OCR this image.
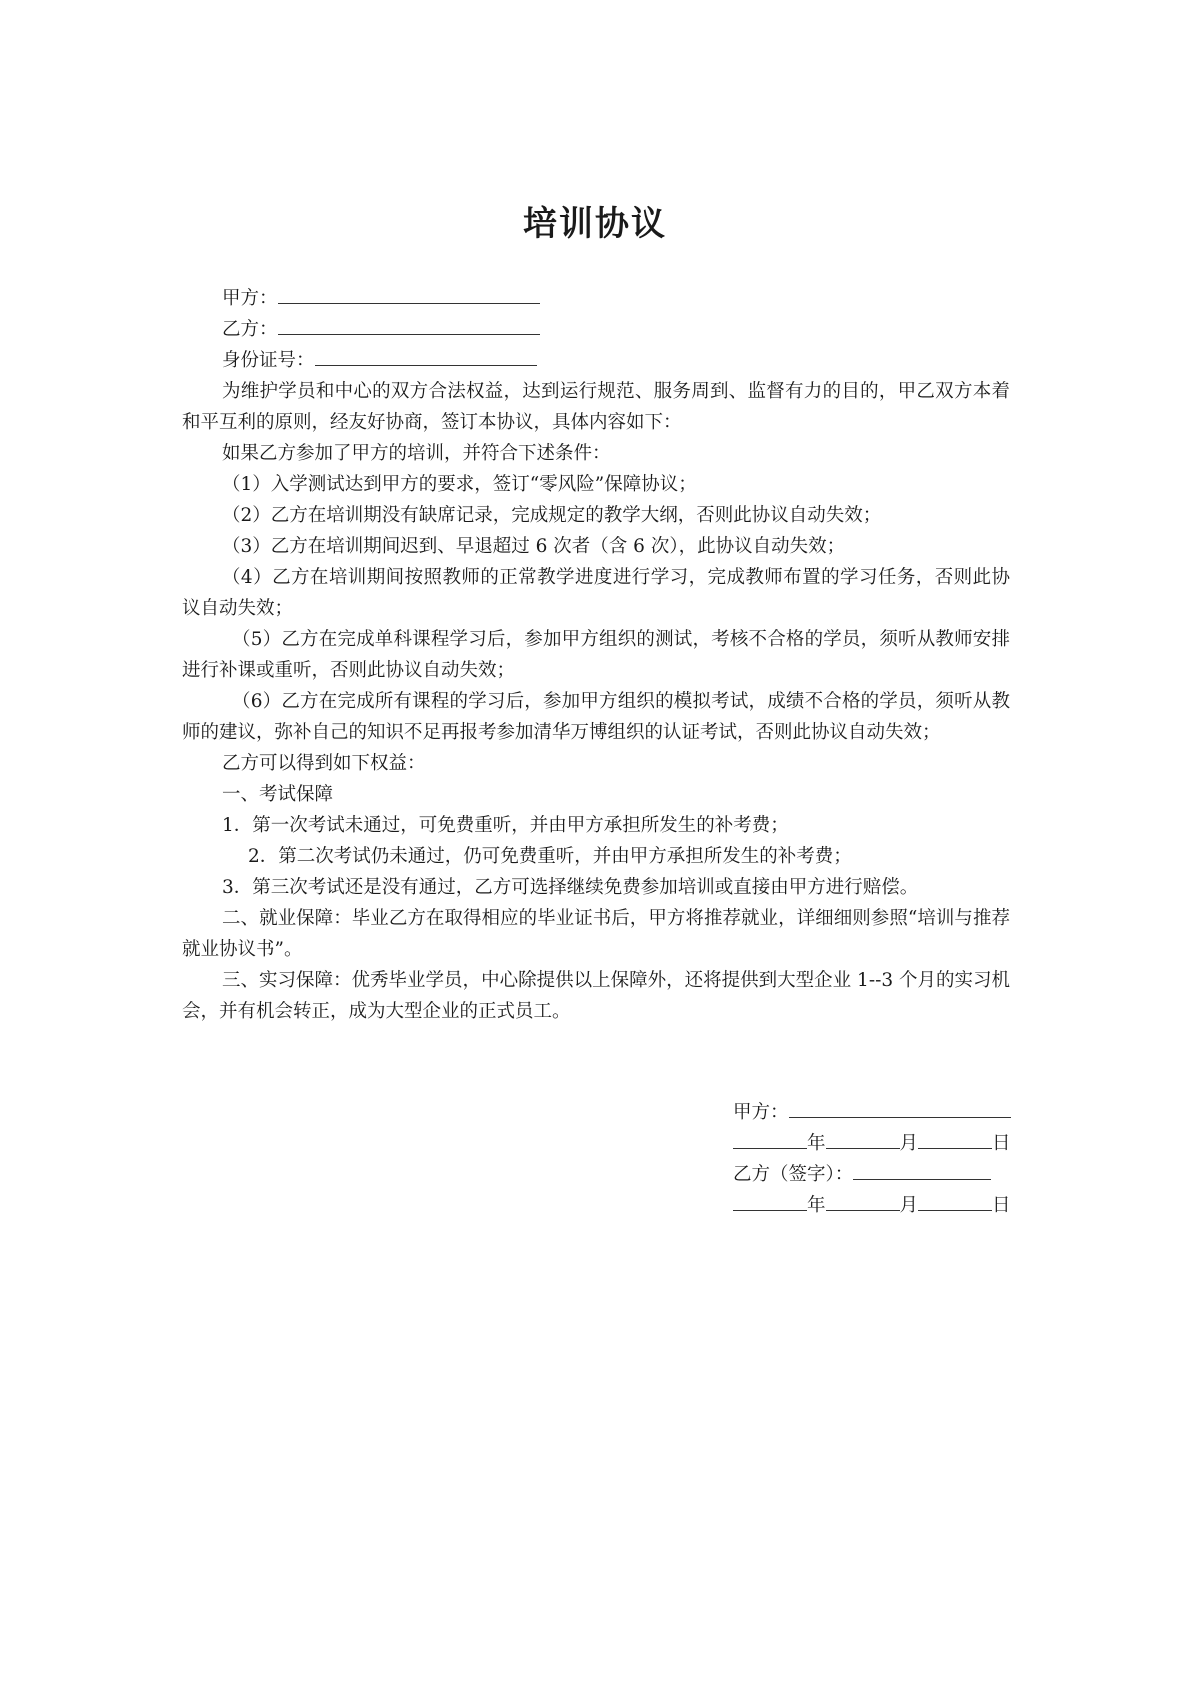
培训协议
甲方：
乙方：
身份证号：
为维护学员和中心的双方合法权益，达到运行规范、服务周到、监督有力的目的，甲乙双方本着和平互利的原则，经友好协商，签订本协议，具体内容如下：
如果乙方参加了甲方的培训，并符合下述条件：
（1）入学测试达到甲方的要求，签订“零风险”保障协议；
（2）乙方在培训期没有缺席记录，完成规定的教学大纲，否则此协议自动失效；
（3）乙方在培训期间迟到、早退超过 6 次者（含 6 次），此协议自动失效；
（4）乙方在培训期间按照教师的正常教学进度进行学习，完成教师布置的学习任务，否则此协议自动失效；
（5）乙方在完成单科课程学习后，参加甲方组织的测试，考核不合格的学员，须听从教师安排进行补课或重听，否则此协议自动失效；
（6）乙方在完成所有课程的学习后，参加甲方组织的模拟考试，成绩不合格的学员，须听从教师的建议，弥补自己的知识不足再报考参加清华万博组织的认证考试，否则此协议自动失效；
乙方可以得到如下权益：
一、考试保障
1．第一次考试未通过，可免费重听，并由甲方承担所发生的补考费；
2．第二次考试仍未通过，仍可免费重听，并由甲方承担所发生的补考费；
3．第三次考试还是没有通过，乙方可选择继续免费参加培训或直接由甲方进行赔偿。
二、就业保障：毕业乙方在取得相应的毕业证书后，甲方将推荐就业，详细细则参照“培训与推荐就业协议书”。
三、实习保障：优秀毕业学员，中心除提供以上保障外，还将提供到大型企业 1--3 个月的实习机会，并有机会转正，成为大型企业的正式员工。
甲方：
年	月	日
乙方（签字）：
年	月	日
